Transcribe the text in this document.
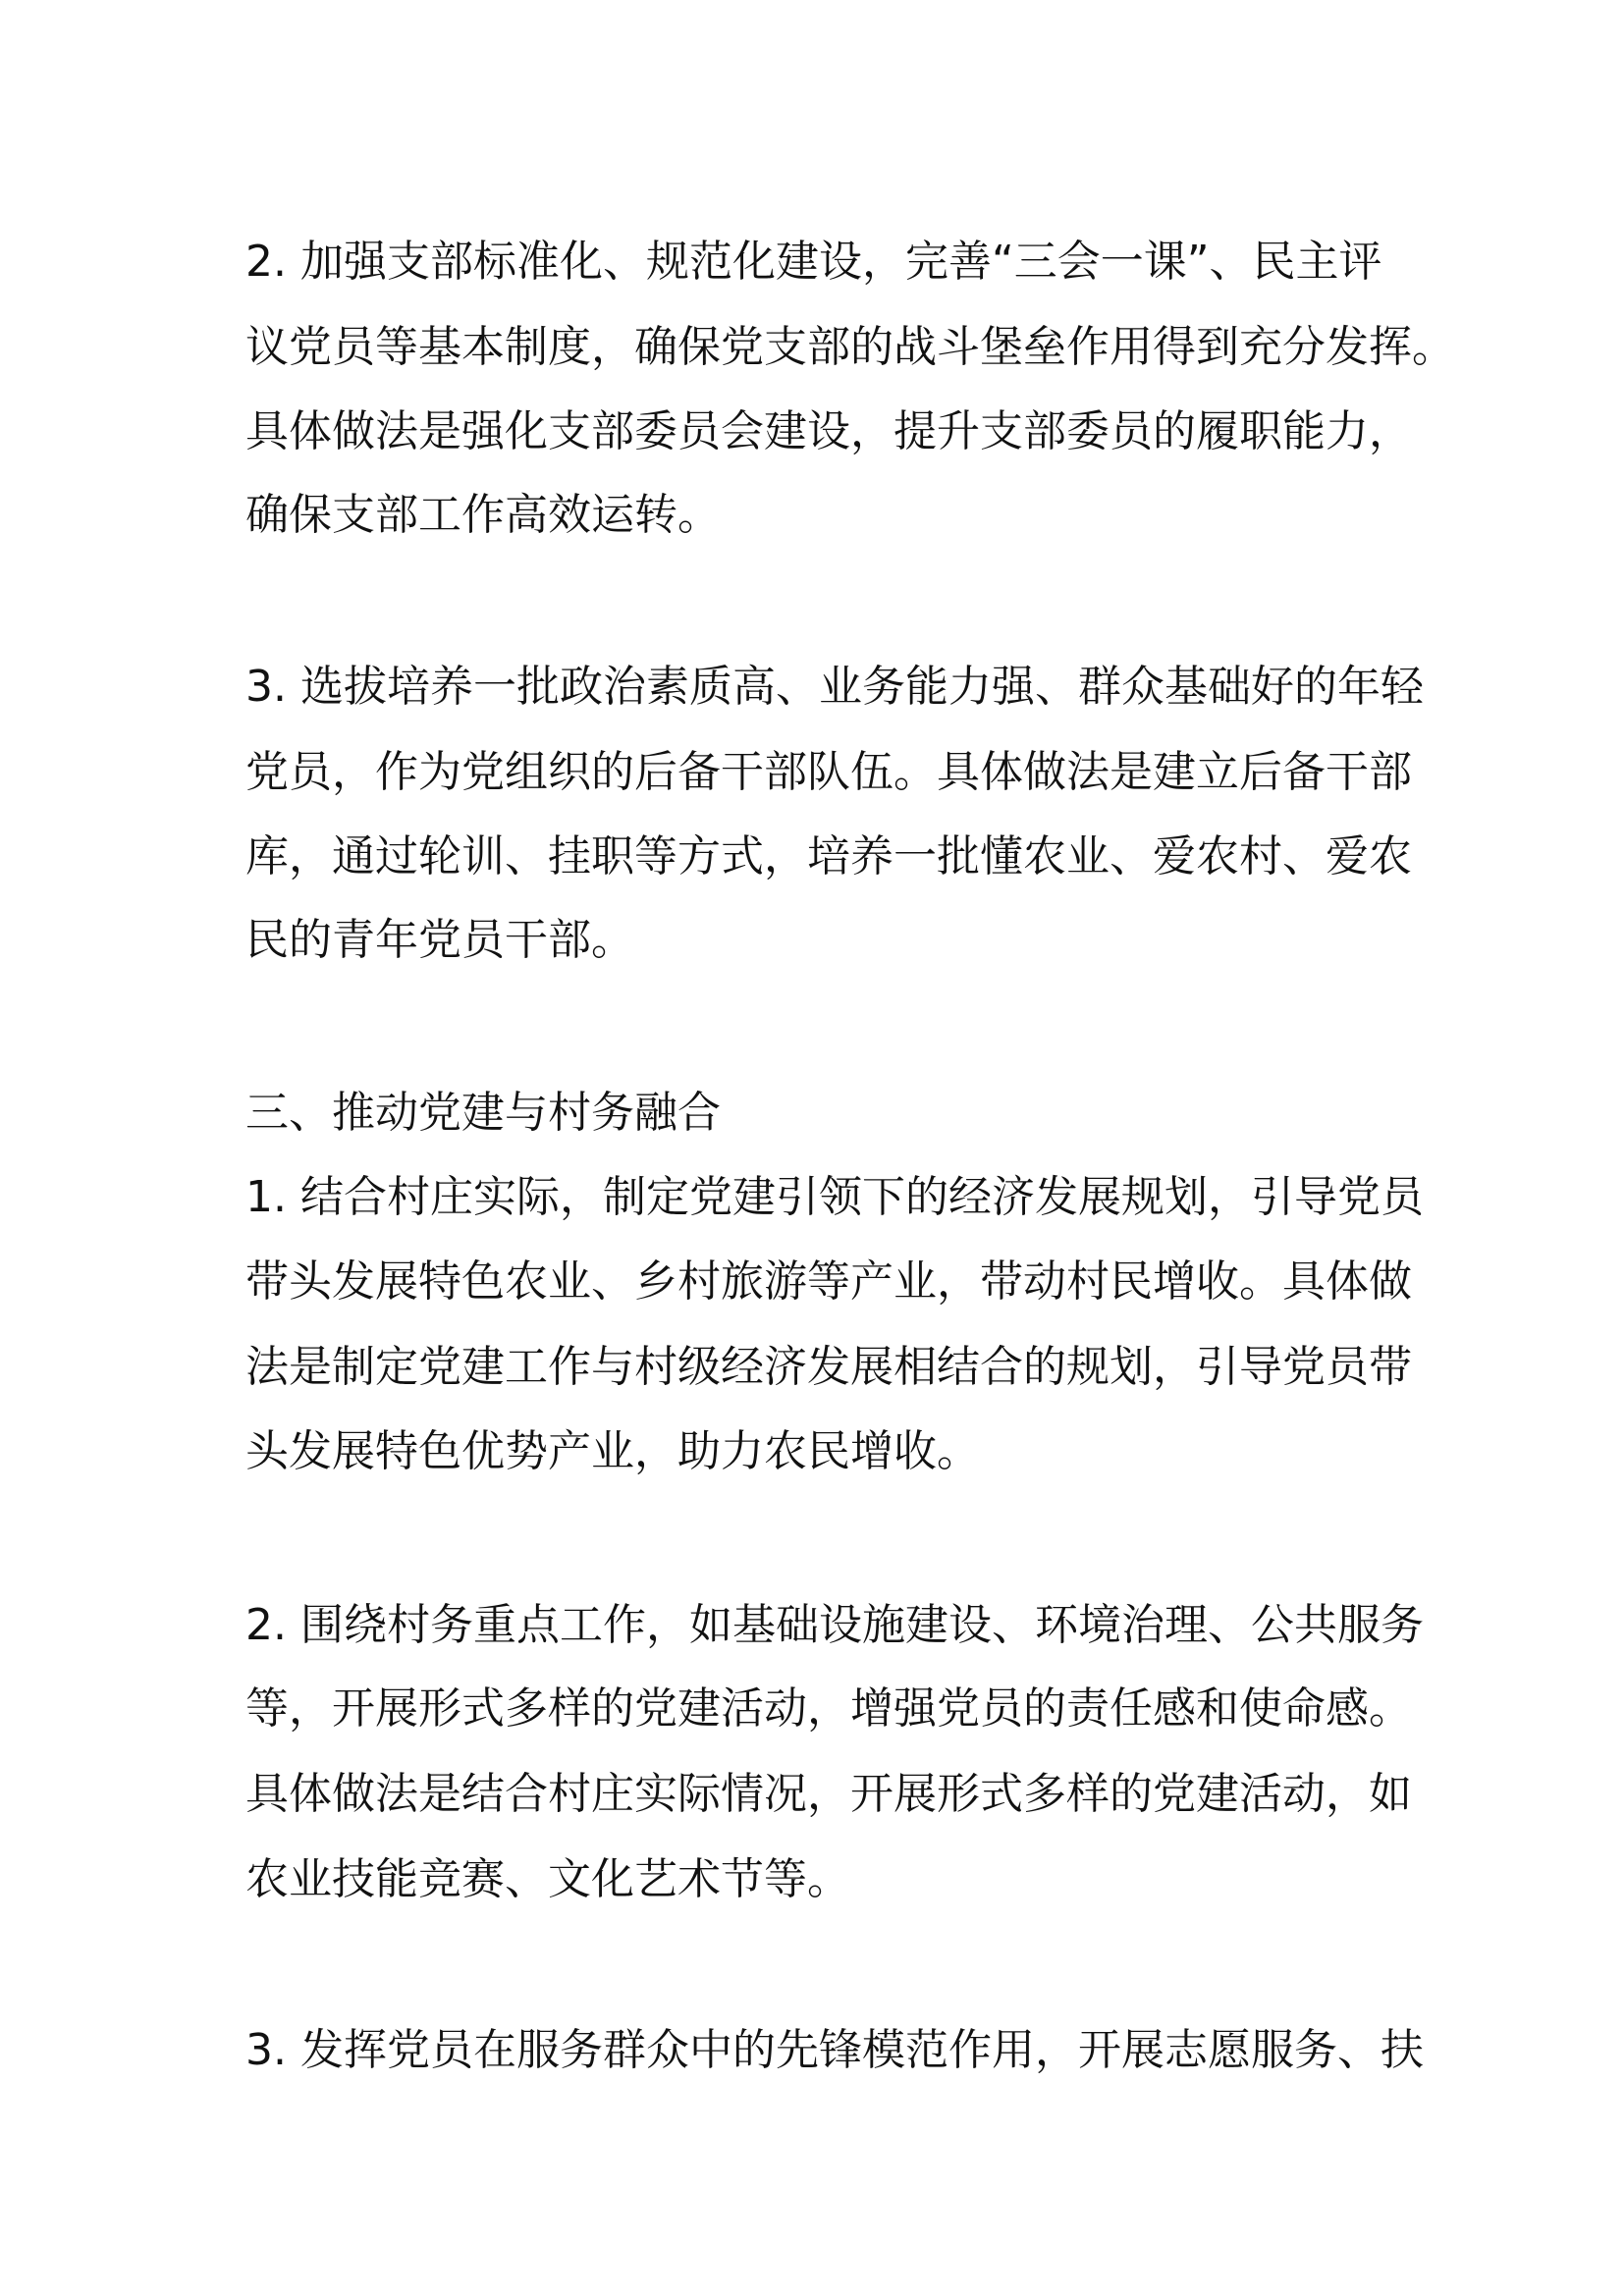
2. 加强支部标准化、规范化建设，完善“三会一课”、民主评
议党员等基本制度，确保党支部的战斗堡垒作用得到充分发挥。
具体做法是强化支部委员会建设，提升支部委员的履职能力，
确保支部工作高效运转。
3. 选拔培养一批政治素质高、业务能力强、群众基础好的年轻
党员，作为党组织的后备干部队伍。具体做法是建立后备干部
库，通过轮训、挂职等方式，培养一批懂农业、爱农村、爱农
民的青年党员干部。
三、推动党建与村务融合
1. 结合村庄实际，制定党建引领下的经济发展规划，引导党员
带头发展特色农业、乡村旅游等产业，带动村民增收。具体做
法是制定党建工作与村级经济发展相结合的规划，引导党员带
头发展特色优势产业，助力农民增收。
2. 围绕村务重点工作，如基础设施建设、环境治理、公共服务
等，开展形式多样的党建活动，增强党员的责任感和使命感。
具体做法是结合村庄实际情况，开展形式多样的党建活动，如
农业技能竞赛、文化艺术节等。
3. 发挥党员在服务群众中的先锋模范作用，开展志愿服务、扶
